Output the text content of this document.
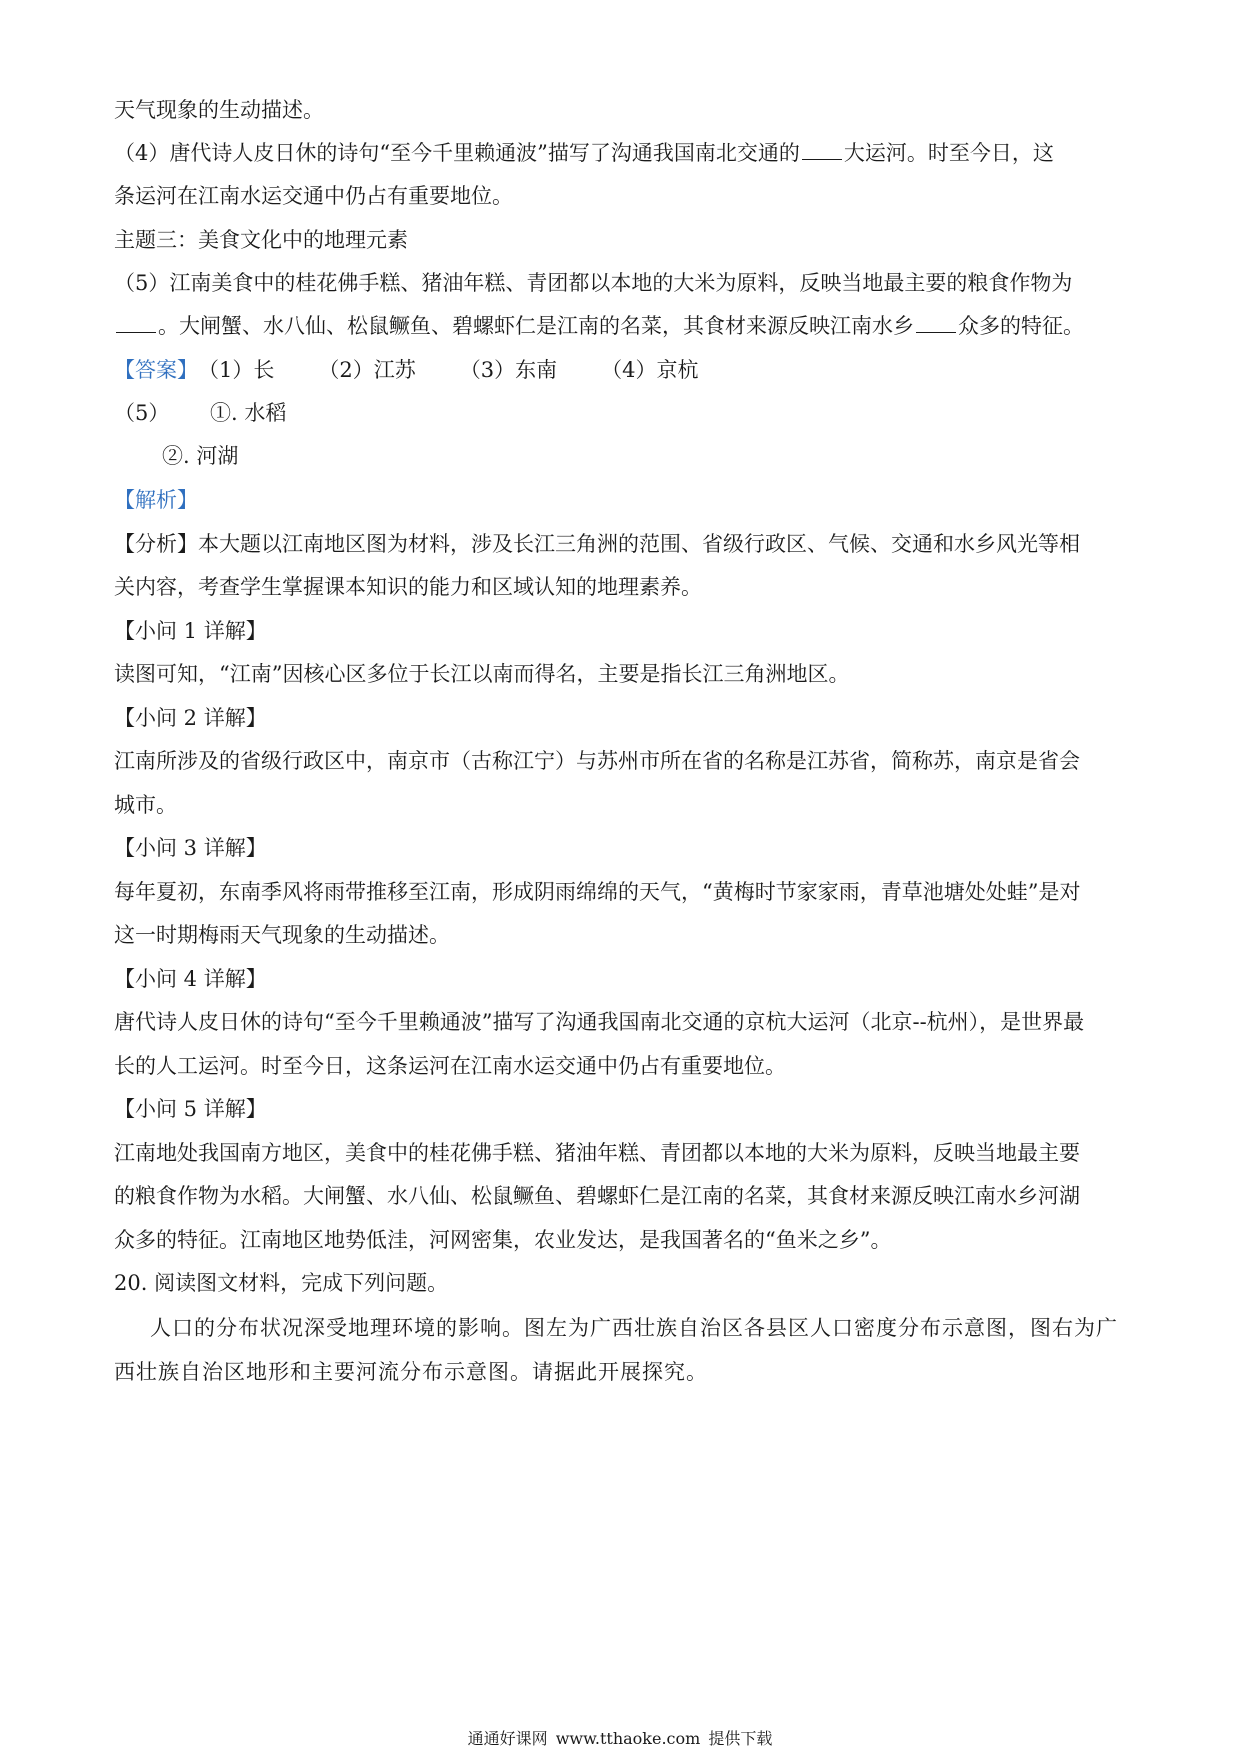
天气现象的生动描述。
（4）唐代诗人皮日休的诗句“至今千里赖通波”描写了沟通我国南北交通的 大运河。时至今日，这
条运河在江南水运交通中仍占有重要地位。
主题三：美食文化中的地理元素
（5）江南美食中的桂花佛手糕、猪油年糕、青团都以本地的大米为原料，反映当地最主要的粮食作物为
。大闸蟹、水八仙、松鼠鳜鱼、碧螺虾仁是江南的名菜，其食材来源反映江南水乡 众多的特征。
【答案】（1）长 （2）江苏 （3）东南 （4）京杭
（5） ①. 水稻
②. 河湖
【解析】
【分析】本大题以江南地区图为材料，涉及长江三角洲的范围、省级行政区、气候、交通和水乡风光等相
关内容，考查学生掌握课本知识的能力和区域认知的地理素养。
【小问 1 详解】
读图可知，“江南”因核心区多位于长江以南而得名，主要是指长江三角洲地区。
【小问 2 详解】
江南所涉及的省级行政区中，南京市（古称江宁）与苏州市所在省的名称是江苏省，简称苏，南京是省会
城市。
【小问 3 详解】
每年夏初，东南季风将雨带推移至江南，形成阴雨绵绵的天气，“黄梅时节家家雨，青草池塘处处蛙”是对
这一时期梅雨天气现象的生动描述。
【小问 4 详解】
唐代诗人皮日休的诗句“至今千里赖通波”描写了沟通我国南北交通的京杭大运河（北京--杭州），是世界最
长的人工运河。时至今日，这条运河在江南水运交通中仍占有重要地位。
【小问 5 详解】
江南地处我国南方地区，美食中的桂花佛手糕、猪油年糕、青团都以本地的大米为原料，反映当地最主要
的粮食作物为水稻。大闸蟹、水八仙、松鼠鳜鱼、碧螺虾仁是江南的名菜，其食材来源反映江南水乡河湖
众多的特征。江南地区地势低洼，河网密集，农业发达，是我国著名的“鱼米之乡”。
20. 阅读图文材料，完成下列问题。
人口的分布状况深受地理环境的影响。图左为广西壮族自治区各县区人口密度分布示意图，图右为广
西壮族自治区地形和主要河流分布示意图。请据此开展探究。
通通好课网 www.tthaoke.com 提供下载
